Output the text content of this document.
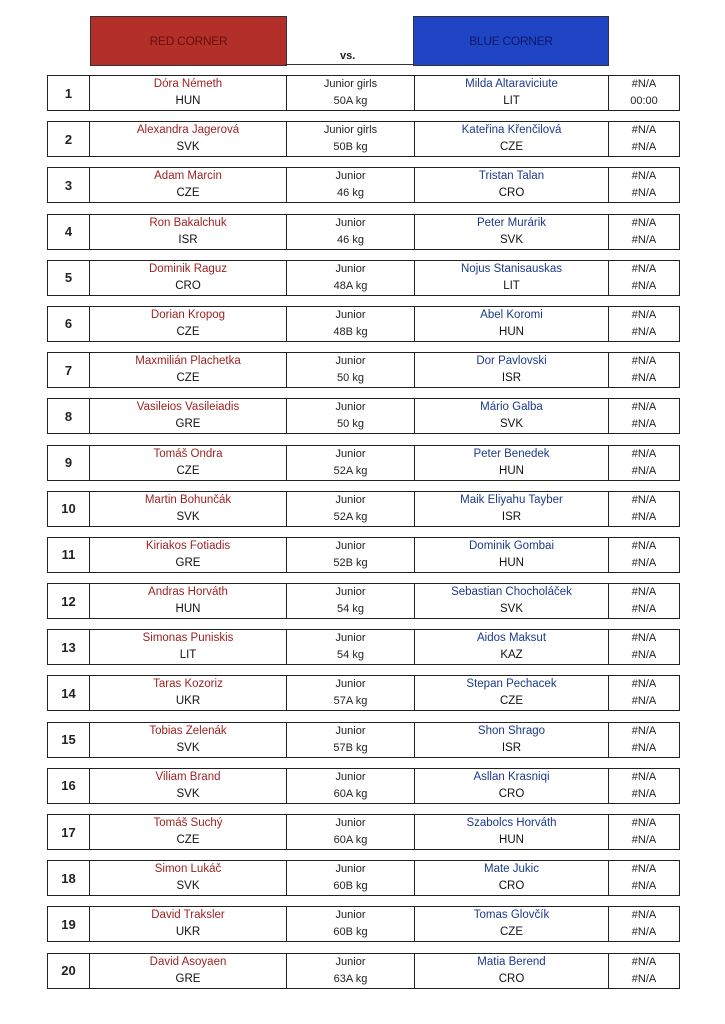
RED CORNER
vs.
BLUE CORNER
1
Dóra Németh
HUN
Junior girls
50A kg
Milda Altaraviciute
LIT
#N/A
00:00
2
Alexandra Jagerová
SVK
Junior girls
50B kg
Kateřina Křenčilová
CZE
#N/A
#N/A
3
Adam Marcin
CZE
Junior
46 kg
Tristan Talan
CRO
#N/A
#N/A
4
Ron Bakalchuk
ISR
Junior
46 kg
Peter Murárik
SVK
#N/A
#N/A
5
Dominik Raguz
CRO
Junior
48A kg
Nojus Stanisauskas
LIT
#N/A
#N/A
6
Dorian Kropog
CZE
Junior
48B kg
Abel Koromi
HUN
#N/A
#N/A
7
Maxmilián Plachetka
CZE
Junior
50 kg
Dor Pavlovski
ISR
#N/A
#N/A
8
Vasileios Vasileiadis
GRE
Junior
50 kg
Mário Galba
SVK
#N/A
#N/A
9
Tomáš Ondra
CZE
Junior
52A kg
Peter Benedek
HUN
#N/A
#N/A
10
Martin Bohunčák
SVK
Junior
52A kg
Maik Eliyahu Tayber
ISR
#N/A
#N/A
11
Kiriakos Fotiadis
GRE
Junior
52B kg
Dominik Gombai
HUN
#N/A
#N/A
12
Andras Horváth
HUN
Junior
54 kg
Sebastian Chocholáček
SVK
#N/A
#N/A
13
Simonas Puniskis
LIT
Junior
54 kg
Aidos Maksut
KAZ
#N/A
#N/A
14
Taras Kozoriz
UKR
Junior
57A kg
Stepan Pechacek
CZE
#N/A
#N/A
15
Tobias Zelenák
SVK
Junior
57B kg
Shon Shrago
ISR
#N/A
#N/A
16
Viliam Brand
SVK
Junior
60A kg
Asllan Krasniqi
CRO
#N/A
#N/A
17
Tomáš Suchý
CZE
Junior
60A kg
Szabolcs Horváth
HUN
#N/A
#N/A
18
Simon Lukáč
SVK
Junior
60B kg
Mate Jukic
CRO
#N/A
#N/A
19
David Traksler
UKR
Junior
60B kg
Tomas Glovčík
CZE
#N/A
#N/A
20
David Asoyaen
GRE
Junior
63A kg
Matia Berend
CRO
#N/A
#N/A
